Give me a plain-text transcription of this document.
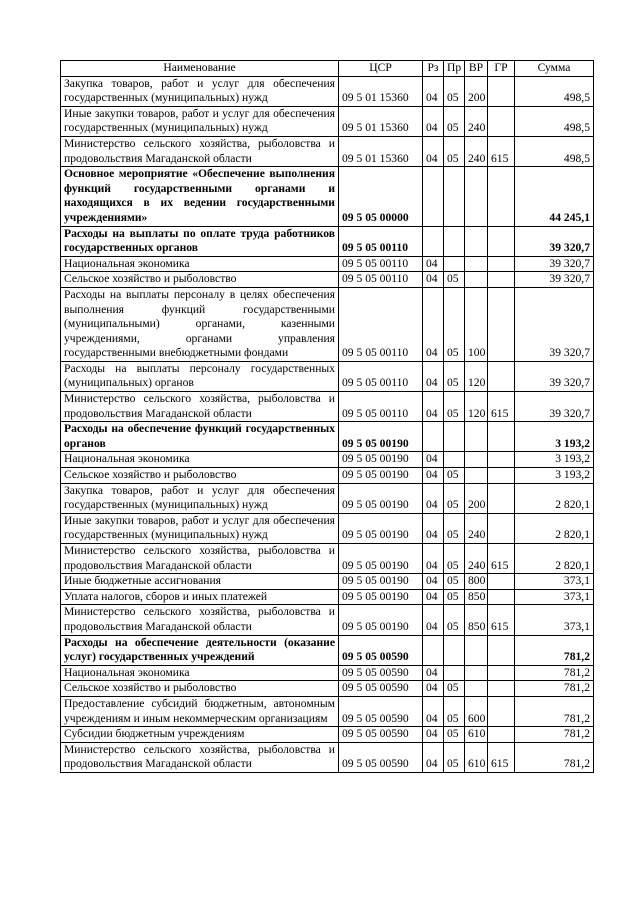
Наименование	ЦСР	Рз	Пр	ВР	ГР	Сумма
Закупка товаров, работ и услуг для обеспечения государственных (муниципальных) нужд	09 5 01 15360	04	05	200		498,5
Иные закупки товаров, работ и услуг для обеспечения государственных (муниципальных) нужд	09 5 01 15360	04	05	240		498,5
Министерство сельского хозяйства, рыболовства и продовольствия Магаданской области	09 5 01 15360	04	05	240	615	498,5
Основное мероприятие «Обеспечение выполнения функций государственными органами и находящихся в их ведении государственными учреждениями»	09 5 05 00000					44 245,1
Расходы на выплаты по оплате труда работников государственных органов	09 5 05 00110					39 320,7
Национальная экономика	09 5 05 00110	04				39 320,7
Сельское хозяйство и рыболовство	09 5 05 00110	04	05			39 320,7
Расходы на выплаты персоналу в целях обеспечения выполнения функций государственными (муниципальными) органами, казенными учреждениями, органами управления государственными внебюджетными фондами	09 5 05 00110	04	05	100		39 320,7
Расходы на выплаты персоналу государственных (муниципальных) органов	09 5 05 00110	04	05	120		39 320,7
Министерство сельского хозяйства, рыболовства и продовольствия Магаданской области	09 5 05 00110	04	05	120	615	39 320,7
Расходы на обеспечение функций государственных органов	09 5 05 00190					3 193,2
Национальная экономика	09 5 05 00190	04				3 193,2
Сельское хозяйство и рыболовство	09 5 05 00190	04	05			3 193,2
Закупка товаров, работ и услуг для обеспечения государственных (муниципальных) нужд	09 5 05 00190	04	05	200		2 820,1
Иные закупки товаров, работ и услуг для обеспечения государственных (муниципальных) нужд	09 5 05 00190	04	05	240		2 820,1
Министерство сельского хозяйства, рыболовства и продовольствия Магаданской области	09 5 05 00190	04	05	240	615	2 820,1
Иные бюджетные ассигнования	09 5 05 00190	04	05	800		373,1
Уплата налогов, сборов и иных платежей	09 5 05 00190	04	05	850		373,1
Министерство сельского хозяйства, рыболовства и продовольствия Магаданской области	09 5 05 00190	04	05	850	615	373,1
Расходы на обеспечение деятельности (оказание услуг) государственных учреждений	09 5 05 00590					781,2
Национальная экономика	09 5 05 00590	04				781,2
Сельское хозяйство и рыболовство	09 5 05 00590	04	05			781,2
Предоставление субсидий бюджетным, автономным учреждениям и иным некоммерческим организациям	09 5 05 00590	04	05	600		781,2
Субсидии бюджетным учреждениям	09 5 05 00590	04	05	610		781,2
Министерство сельского хозяйства, рыболовства и продовольствия Магаданской области	09 5 05 00590	04	05	610	615	781,2
